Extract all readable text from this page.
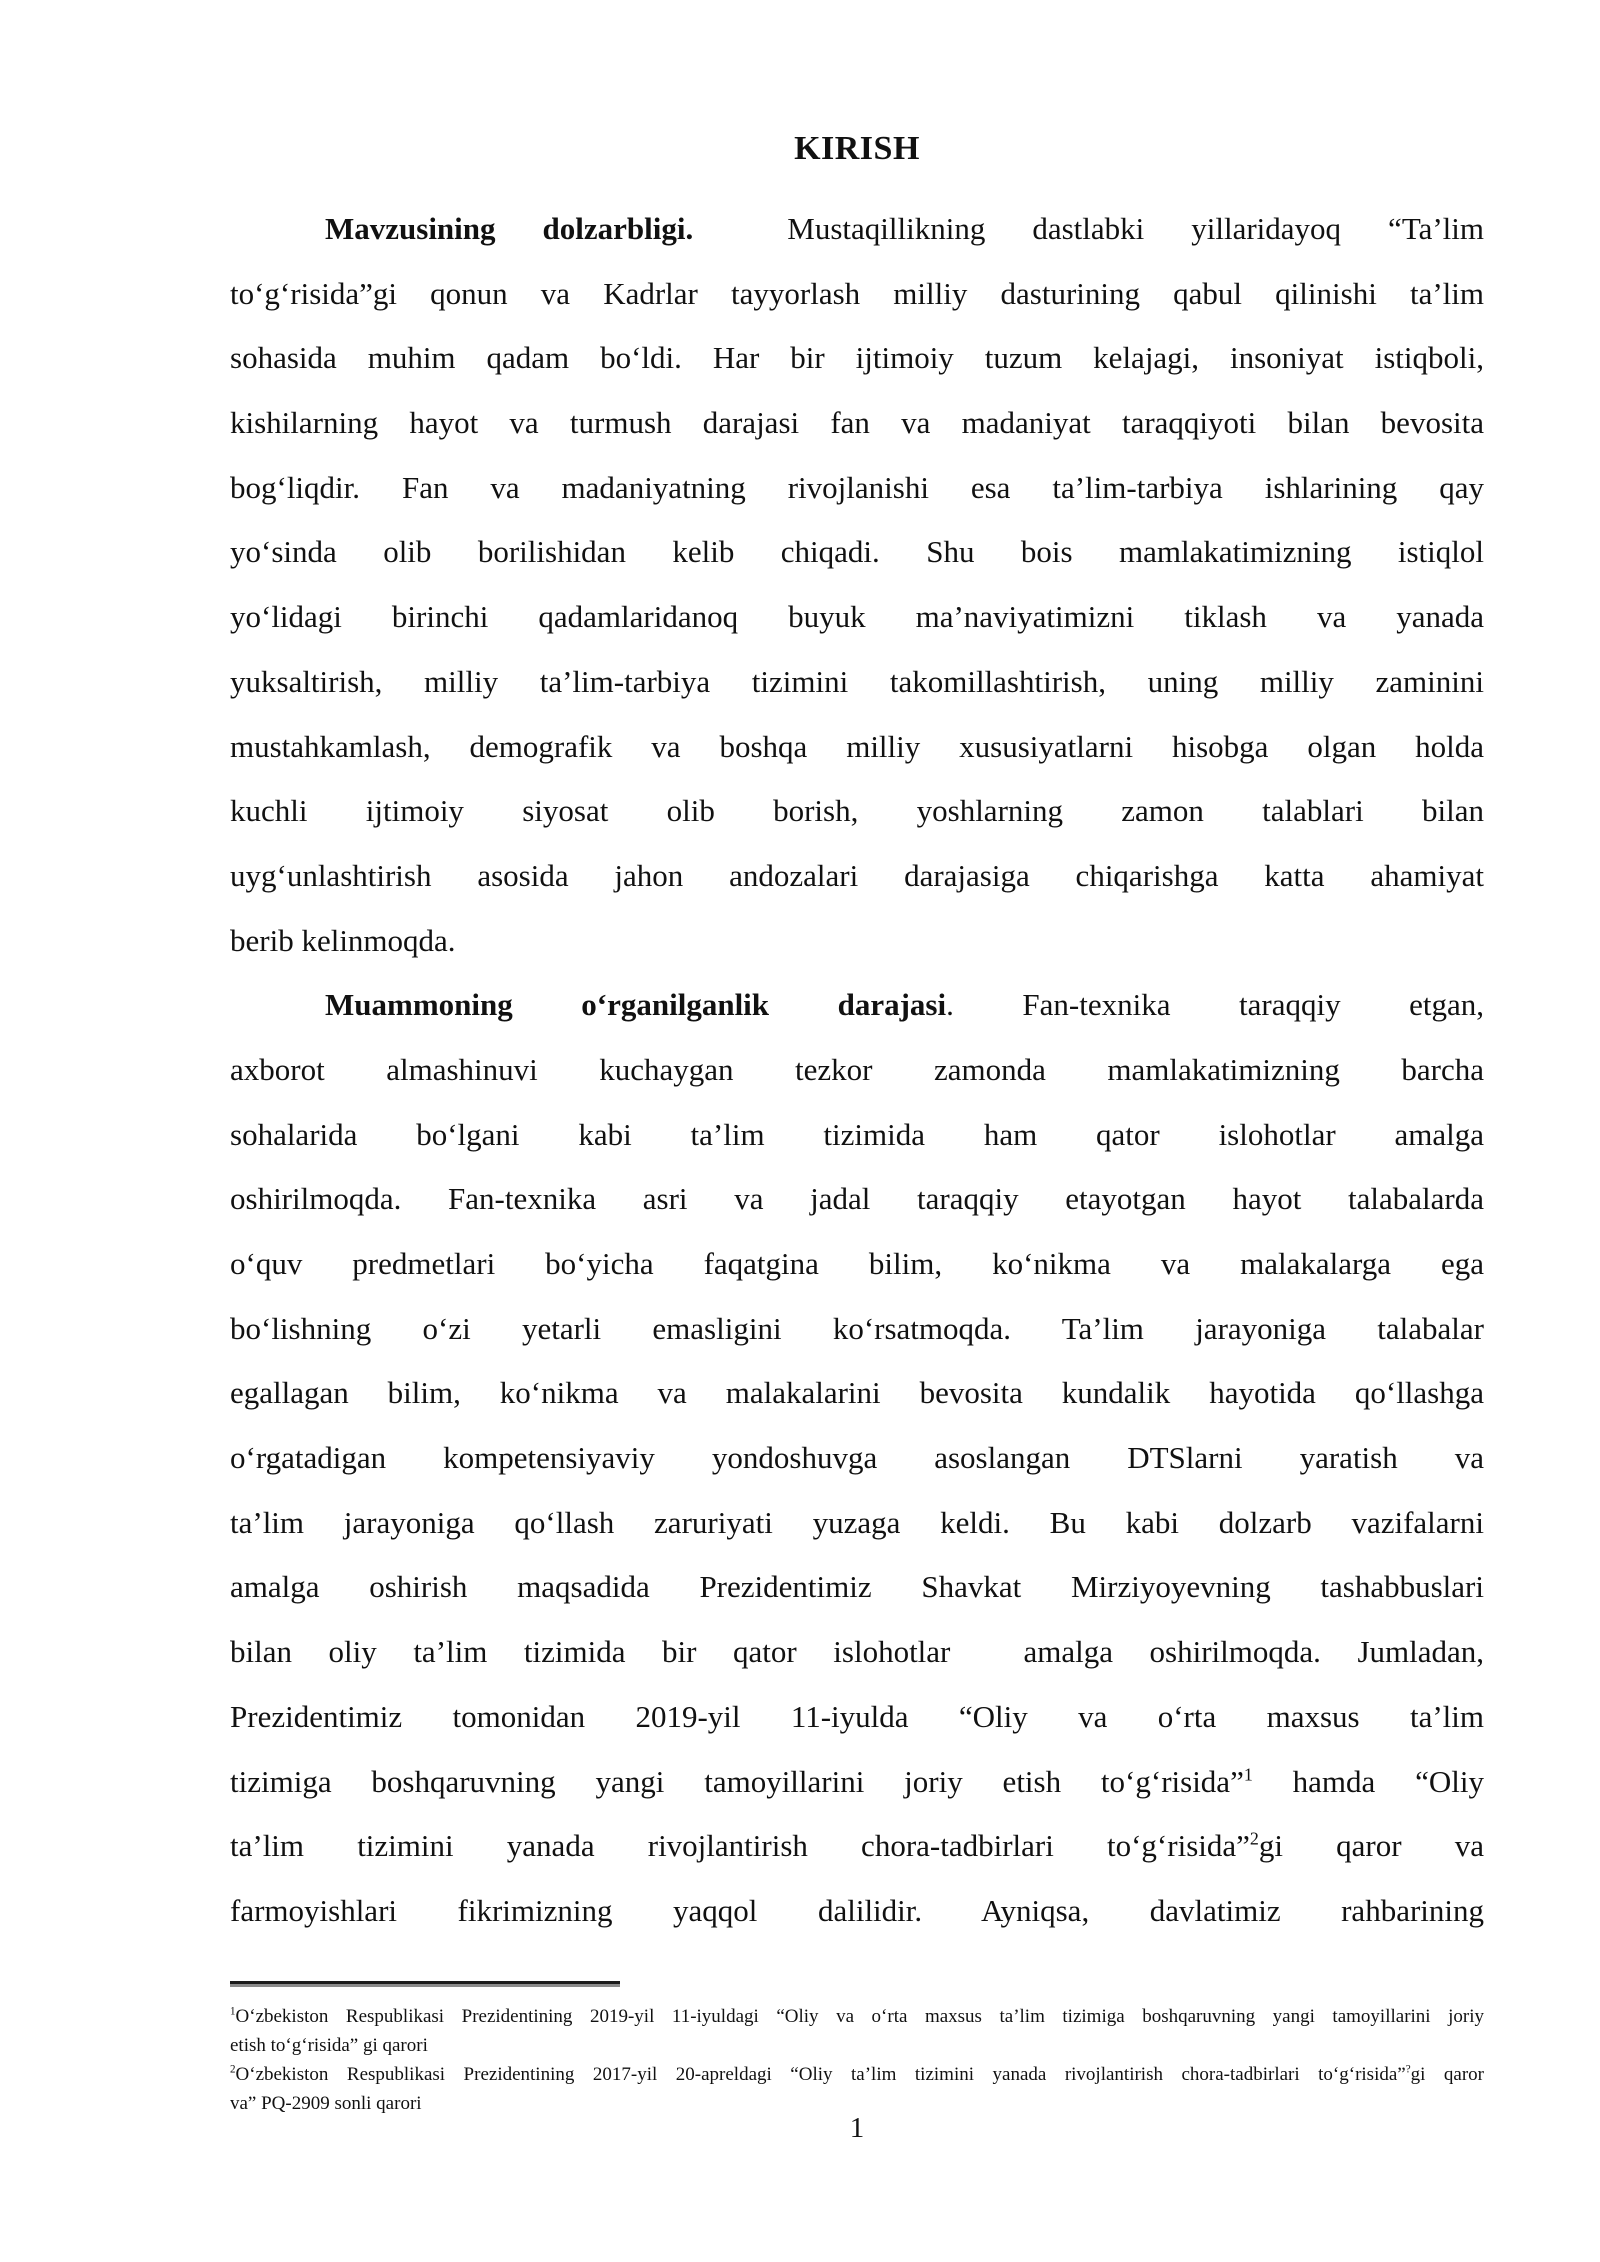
KIRISH
Mavzusining dolzarbligi.  Mustaqillikning dastlabki yillaridayoq “Ta’lim
to‘g‘risida”gi qonun va Kadrlar tayyorlash milliy dasturining qabul qilinishi ta’lim
sohasida muhim qadam bo‘ldi. Har bir ijtimoiy tuzum kelajagi, insoniyat istiqboli,
kishilarning hayot va turmush darajasi fan va madaniyat taraqqiyoti bilan bevosita
bog‘liqdir. Fan va madaniyatning rivojlanishi esa ta’lim-tarbiya ishlarining qay
yo‘sinda olib borilishidan kelib chiqadi. Shu bois mamlakatimizning istiqlol
yo‘lidagi birinchi qadamlaridanoq buyuk ma’naviyatimizni tiklash va yanada
yuksaltirish, milliy ta’lim-tarbiya tizimini takomillashtirish, uning milliy zaminini
mustahkamlash, demografik va boshqa milliy xususiyatlarni hisobga olgan holda
kuchli ijtimoiy siyosat olib borish, yoshlarning zamon talablari bilan
uyg‘unlashtirish asosida jahon andozalari darajasiga chiqarishga katta ahamiyat
berib kelinmoqda.
Muammoning o‘rganilganlik darajasi. Fan-texnika taraqqiy etgan,
axborot almashinuvi kuchaygan tezkor zamonda mamlakatimizning barcha
sohalarida bo‘lgani kabi ta’lim tizimida ham qator islohotlar amalga
oshirilmoqda. Fan-texnika asri va jadal taraqqiy etayotgan hayot talabalarda
o‘quv predmetlari bo‘yicha faqatgina bilim, ko‘nikma va malakalarga ega
bo‘lishning o‘zi yetarli emasligini ko‘rsatmoqda. Ta’lim jarayoniga talabalar
egallagan bilim, ko‘nikma va malakalarini bevosita kundalik hayotida qo‘llashga
o‘rgatadigan kompetensiyaviy yondoshuvga asoslangan DTSlarni yaratish va
ta’lim jarayoniga qo‘llash zaruriyati yuzaga keldi. Bu kabi dolzarb vazifalarni
amalga oshirish maqsadida Prezidentimiz Shavkat Mirziyoyevning tashabbuslari
bilan oliy ta’lim tizimida bir qator islohotlar  amalga oshirilmoqda. Jumladan,
Prezidentimiz tomonidan 2019-yil 11-iyulda “Oliy va o‘rta maxsus ta’lim
tizimiga boshqaruvning yangi tamoyillarini joriy etish to‘g‘risida”$^1$ hamda “Oliy
ta’lim tizimini yanada rivojlantirish chora-tadbirlari to‘g‘risida”$^2$gi qaror va
farmoyishlari fikrimizning yaqqol dalilidir. Ayniqsa, davlatimiz rahbarining
$^1$O‘zbekiston Respublikasi Prezidentining 2019-yil 11-iyuldagi “Oliy va o‘rta maxsus ta’lim tizimiga boshqaruvning yangi tamoyillarini joriy
etish to‘g‘risida” gi qarori
$^2$O‘zbekiston Respublikasi Prezidentining 2017-yil 20-apreldagi “Oliy ta’lim tizimini yanada rivojlantirish chora-tadbirlari to‘g‘risida”?gi qaror
va” PQ-2909 sonli qarori
1
